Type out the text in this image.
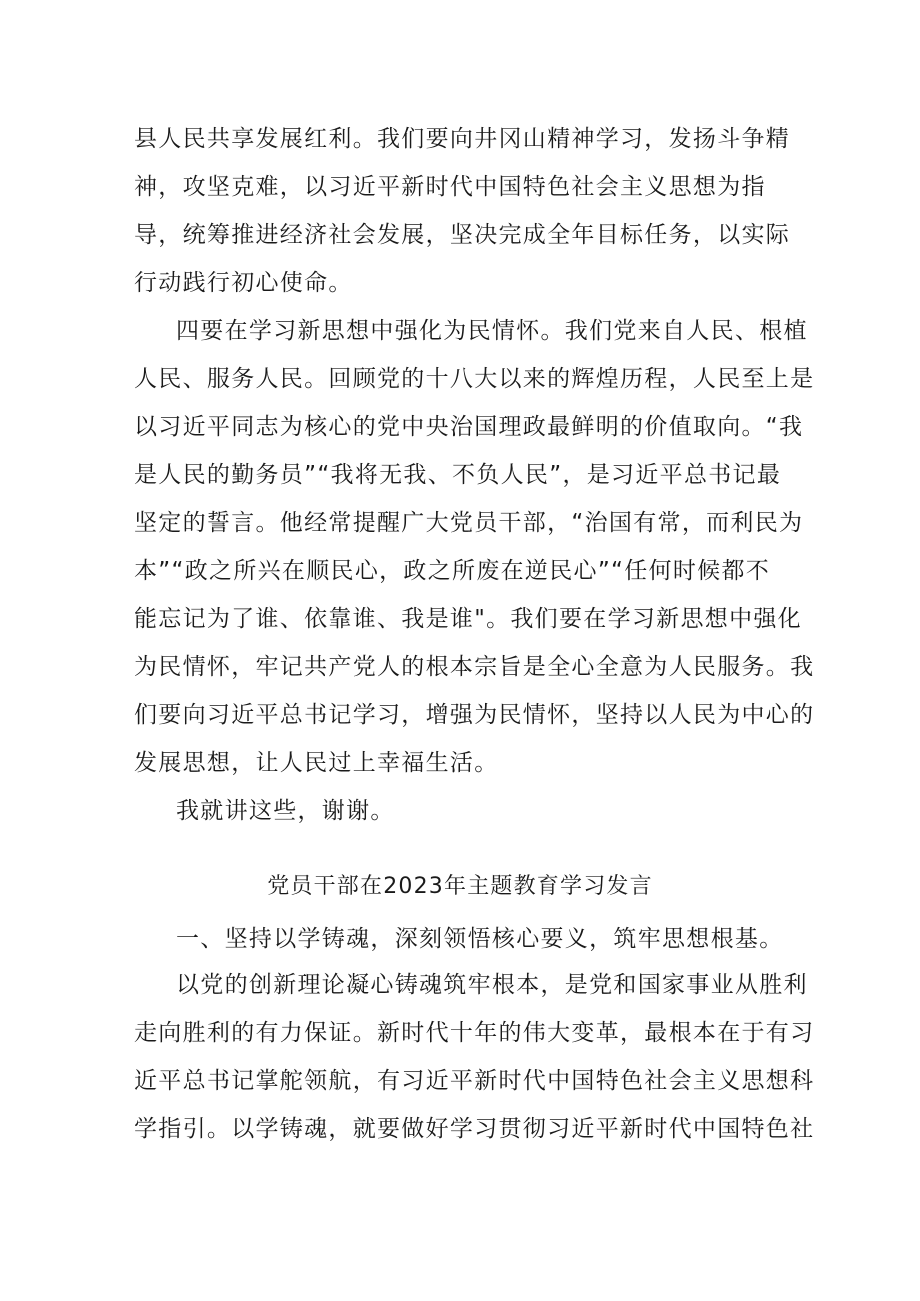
县人民共享发展红利。我们要向井冈山精神学习，发扬斗争精
神，攻坚克难，以习近平新时代中国特色社会主义思想为指
导，统筹推进经济社会发展，坚决完成全年目标任务，以实际
行动践行初心使命。
四要在学习新思想中强化为民情怀。我们党来自人民、根植
人民、服务人民。回顾党的十八大以来的辉煌历程，人民至上是
以习近平同志为核心的党中央治国理政最鲜明的价值取向。“我
是人民的勤务员”“我将无我、不负人民”，是习近平总书记最
坚定的誓言。他经常提醒广大党员干部，“治国有常，而利民为
本”“政之所兴在顺民心，政之所废在逆民心”“任何时候都不
能忘记为了谁、依靠谁、我是谁"。我们要在学习新思想中强化
为民情怀，牢记共产党人的根本宗旨是全心全意为人民服务。我
们要向习近平总书记学习，增强为民情怀，坚持以人民为中心的
发展思想，让人民过上幸福生活。
我就讲这些，谢谢。
党员干部在2023年主题教育学习发言
一、坚持以学铸魂，深刻领悟核心要义，筑牢思想根基。
以党的创新理论凝心铸魂筑牢根本，是党和国家事业从胜利
走向胜利的有力保证。新时代十年的伟大变革，最根本在于有习
近平总书记掌舵领航，有习近平新时代中国特色社会主义思想科
学指引。以学铸魂，就要做好学习贯彻习近平新时代中国特色社
